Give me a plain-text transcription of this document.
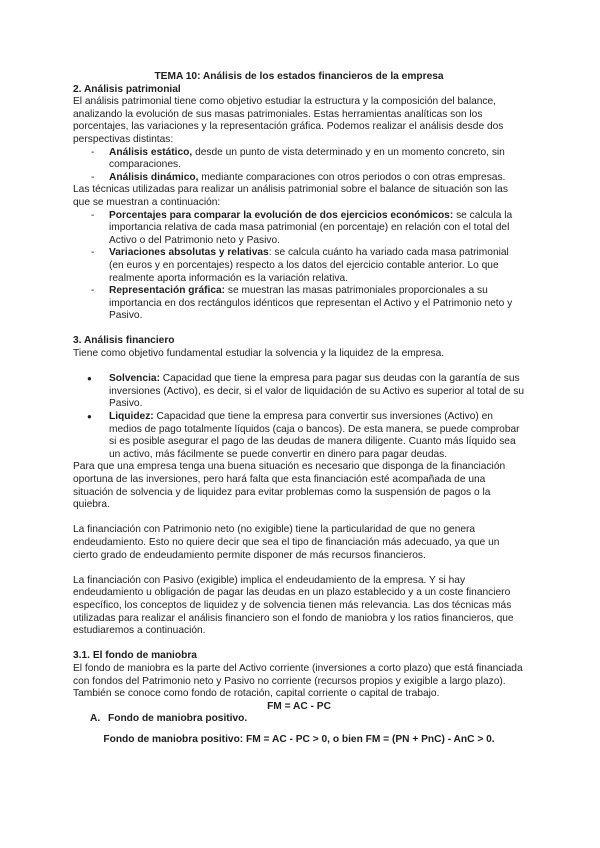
TEMA 10: Análisis de los estados financieros de la empresa

2. Análisis patrimonial

El análisis patrimonial tiene como objetivo estudiar la estructura y la composición del balance, analizando la evolución de sus masas patrimoniales. Estas herramientas analíticas son los porcentajes, las variaciones y la representación gráfica. Podemos realizar el análisis desde dos perspectivas distintas:

- Análisis estático, desde un punto de vista determinado y en un momento concreto, sin comparaciones.
- Análisis dinámico, mediante comparaciones con otros periodos o con otras empresas.

Las técnicas utilizadas para realizar un análisis patrimonial sobre el balance de situación son las que se muestran a continuación:

- Porcentajes para comparar la evolución de dos ejercicios económicos: se calcula la importancia relativa de cada masa patrimonial (en porcentaje) en relación con el total del Activo o del Patrimonio neto y Pasivo.
- Variaciones absolutas y relativas: se calcula cuánto ha variado cada masa patrimonial (en euros y en porcentajes) respecto a los datos del ejercicio contable anterior. Lo que realmente aporta información es la variación relativa.
- Representación gráfica: se muestran las masas patrimoniales proporcionales a su importancia en dos rectángulos idénticos que representan el Activo y el Patrimonio neto y Pasivo.

3. Análisis financiero

Tiene como objetivo fundamental estudiar la solvencia y la liquidez de la empresa.

● Solvencia: Capacidad que tiene la empresa para pagar sus deudas con la garantía de sus inversiones (Activo), es decir, si el valor de liquidación de su Activo es superior al total de su Pasivo.
● Liquidez: Capacidad que tiene la empresa para convertir sus inversiones (Activo) en medios de pago totalmente líquidos (caja o bancos). De esta manera, se puede comprobar si es posible asegurar el pago de las deudas de manera diligente. Cuanto más líquido sea un activo, más fácilmente se puede convertir en dinero para pagar deudas.

Para que una empresa tenga una buena situación es necesario que disponga de la financiación oportuna de las inversiones, pero hará falta que esta financiación esté acompañada de una situación de solvencia y de liquidez para evitar problemas como la suspensión de pagos o la quiebra.

La financiación con Patrimonio neto (no exigible) tiene la particularidad de que no genera endeudamiento. Esto no quiere decir que sea el tipo de financiación más adecuado, ya que un cierto grado de endeudamiento permite disponer de más recursos financieros.

La financiación con Pasivo (exigible) implica el endeudamiento de la empresa. Y si hay endeudamiento u obligación de pagar las deudas en un plazo establecido y a un coste financiero específico, los conceptos de liquidez y de solvencia tienen más relevancia. Las dos técnicas más utilizadas para realizar el análisis financiero son el fondo de maniobra y los ratios financieros, que estudiaremos a continuación.

3.1. El fondo de maniobra

El fondo de maniobra es la parte del Activo corriente (inversiones a corto plazo) que está financiada con fondos del Patrimonio neto y Pasivo no corriente (recursos propios y exigible a largo plazo). También se conoce como fondo de rotación, capital corriente o capital de trabajo.

FM = AC - PC

A. Fondo de maniobra positivo.

Fondo de maniobra positivo: FM = AC - PC > 0, o bien FM = (PN + PnC) - AnC > 0.
